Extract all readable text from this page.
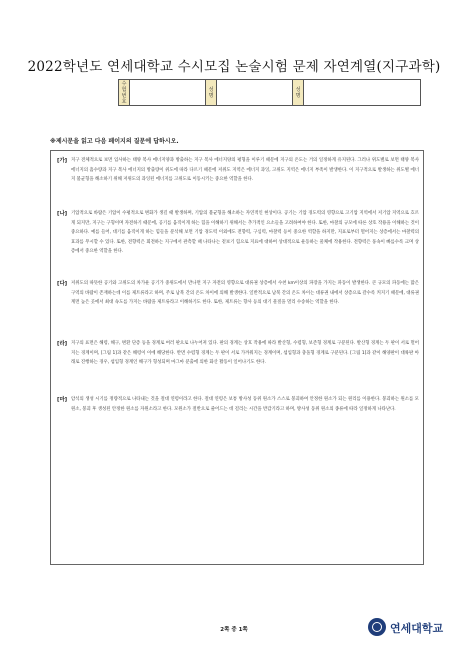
2022학년도 연세대학교 수시모집 논술시험 문제 자연계열(지구과학)
수험번호		성명		성 명	
※제시문을 읽고 다음 페이지의 질문에 답하시오.
[가] 지구 전체적으로 보면 입사하는 태양 복사 에너지양과 방출하는 지구 복사 에너지양의 평형을 이루기 때문에 지구의 온도는 거의 일정하게 유지된다. 그러나 위도별로 보면 태양 복사 에너지의 흡수량과 지구 복사 에너지의 방출량이 위도에 따라 다르기 때문에 저위도 지역은 에너지 과잉, 고위도 지역은 에너지 부족이 발생한다. 이 지구적으로 발생하는 위도별 에너지 불균형을 해소하기 위해 저위도의 과잉된 에너지를 고위도로 이동시키는 중요한 역할을 한다.
[나] 기압적으로 바람은 기압이 수평적으로 변화가 생길 때 발생하며, 기압의 불균형을 해소하는 자연적인 현상이다. 공기는 기압 경도력의 영향으로 고기압 지역에서 저기압 지역으로 흐르게 되지만, 지구는 구형이며 자전하기 때문에, 공기를 움직이게 하는 힘을 이해하기 위해서는 추가적인 요소들을 고려하여야 한다. 또한, 마찰의 규모에 따른 상호 작용을 이해하는 것이 중요하다. 예를 들어, 대기를 움직이게 하는 힘들을 분석해 보면 기압 경도력 이외에도 전향력, 구심력, 마찰력 등이 중요한 역할을 하지만, 지표로부터 떨어지는 상층에서는 마찰력의 효과를 무시할 수 있다. 또한, 전향력은 회전하는 지구에서 관측할 때 나타나는 겉보기 힘으로 지표에 대하여 상대적으로 운동하는 물체에 작용한다. 전향력은 풍속이 빠를수록 크며 상층에서 중요한 역할을 한다.
[다] 저위도의 따뜻한 공기와 고위도의 차가운 공기가 중위도에서 만나면 지구 자전의 영향으로 대류권 상층에서 수천 km이상의 파장을 가지는 파동이 발생한다. 큰 규모의 파동에는 많은 구역의 바람이 존재하는데 이를 제트류라고 하며, 주로 남북 간의 온도 차이에 의해 발생한다. 일반적으로 남북 간의 온도 차이는 대류권 내에서 상층으로 갈수록 커지기 때문에, 대류권 계면 높은 곳에서 최대 속도를 가지는 바람을 제트류라고 이해하기도 한다. 또한, 제트류는 향사 등의 대기 물질을 멀리 수송하는 역할을 한다.
[라] 지구의 표면은 해령, 해구, 변환 단층 등을 경계로 여러 판으로 나누어져 있다. 판의 경계는 상호 작용에 따라 발산형, 수렴형, 보존형 경계로 구분된다. 발산형 경계는 두 판이 서로 멀어지는 경계이며, [그림 1]과 같은 해령이 이에 해당한다. 반면 수렴형 경계는 두 판이 서로 가까워지는 경계이며, 섭입형과 충돌형 경계로 구분된다. [그림 1]과 같이 해양판이 대륙판 아래로 진행하는 경우, 섭입형 경계인 해구가 형성되며 마그마 분출에 의한 화산 활동이 일어나기도 한다.
[마] 암석의 생성 시기를 정량적으로 나타내는 것을 절대 연령이라고 한다. 절대 연령은 보통 방사성 동위 원소가 스스로 붕괴하여 안정한 원소가 되는 원리를 이용한다. 붕괴하는 원소를 모원소, 붕괴 후 생성된 안정한 원소를 자원소라고 한다. 모원소가 절반으로 줄어드는 데 걸리는 시간을 반감기라고 하며, 방사성 동위 원소의 종류에 따라 일정하게 나타난다.
2쪽 중 1쪽	연세대학교
